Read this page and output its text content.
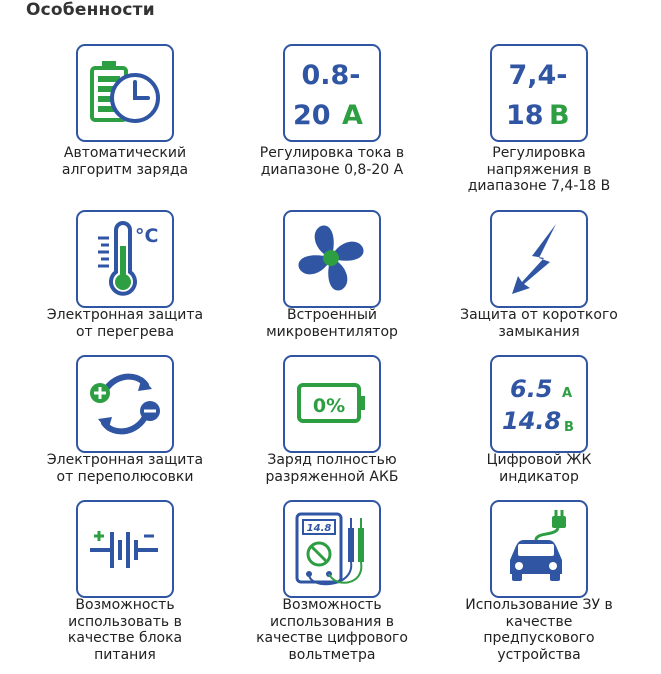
Особенности
Автоматический
алгоритм заряда
0.8-
20 A
Регулировка тока в
диапазоне 0,8-20 А
7,4-
18 B
Регулировка
напряжения в
диапазоне 7,4-18 В
°C
Электронная защита
от перегрева
Встроенный
микровентилятор
Защита от короткого
замыкания
Электронная защита
от переполюсовки
0%
Заряд полностью
разряженной АКБ
6.5 A
14.8 B
Цифровой ЖК
индикатор
Возможность
использовать в
качестве блока
питания
14.8
Возможность
использования в
качестве цифрового
вольтметра
Использование ЗУ в
качестве
предпускового
устройства
